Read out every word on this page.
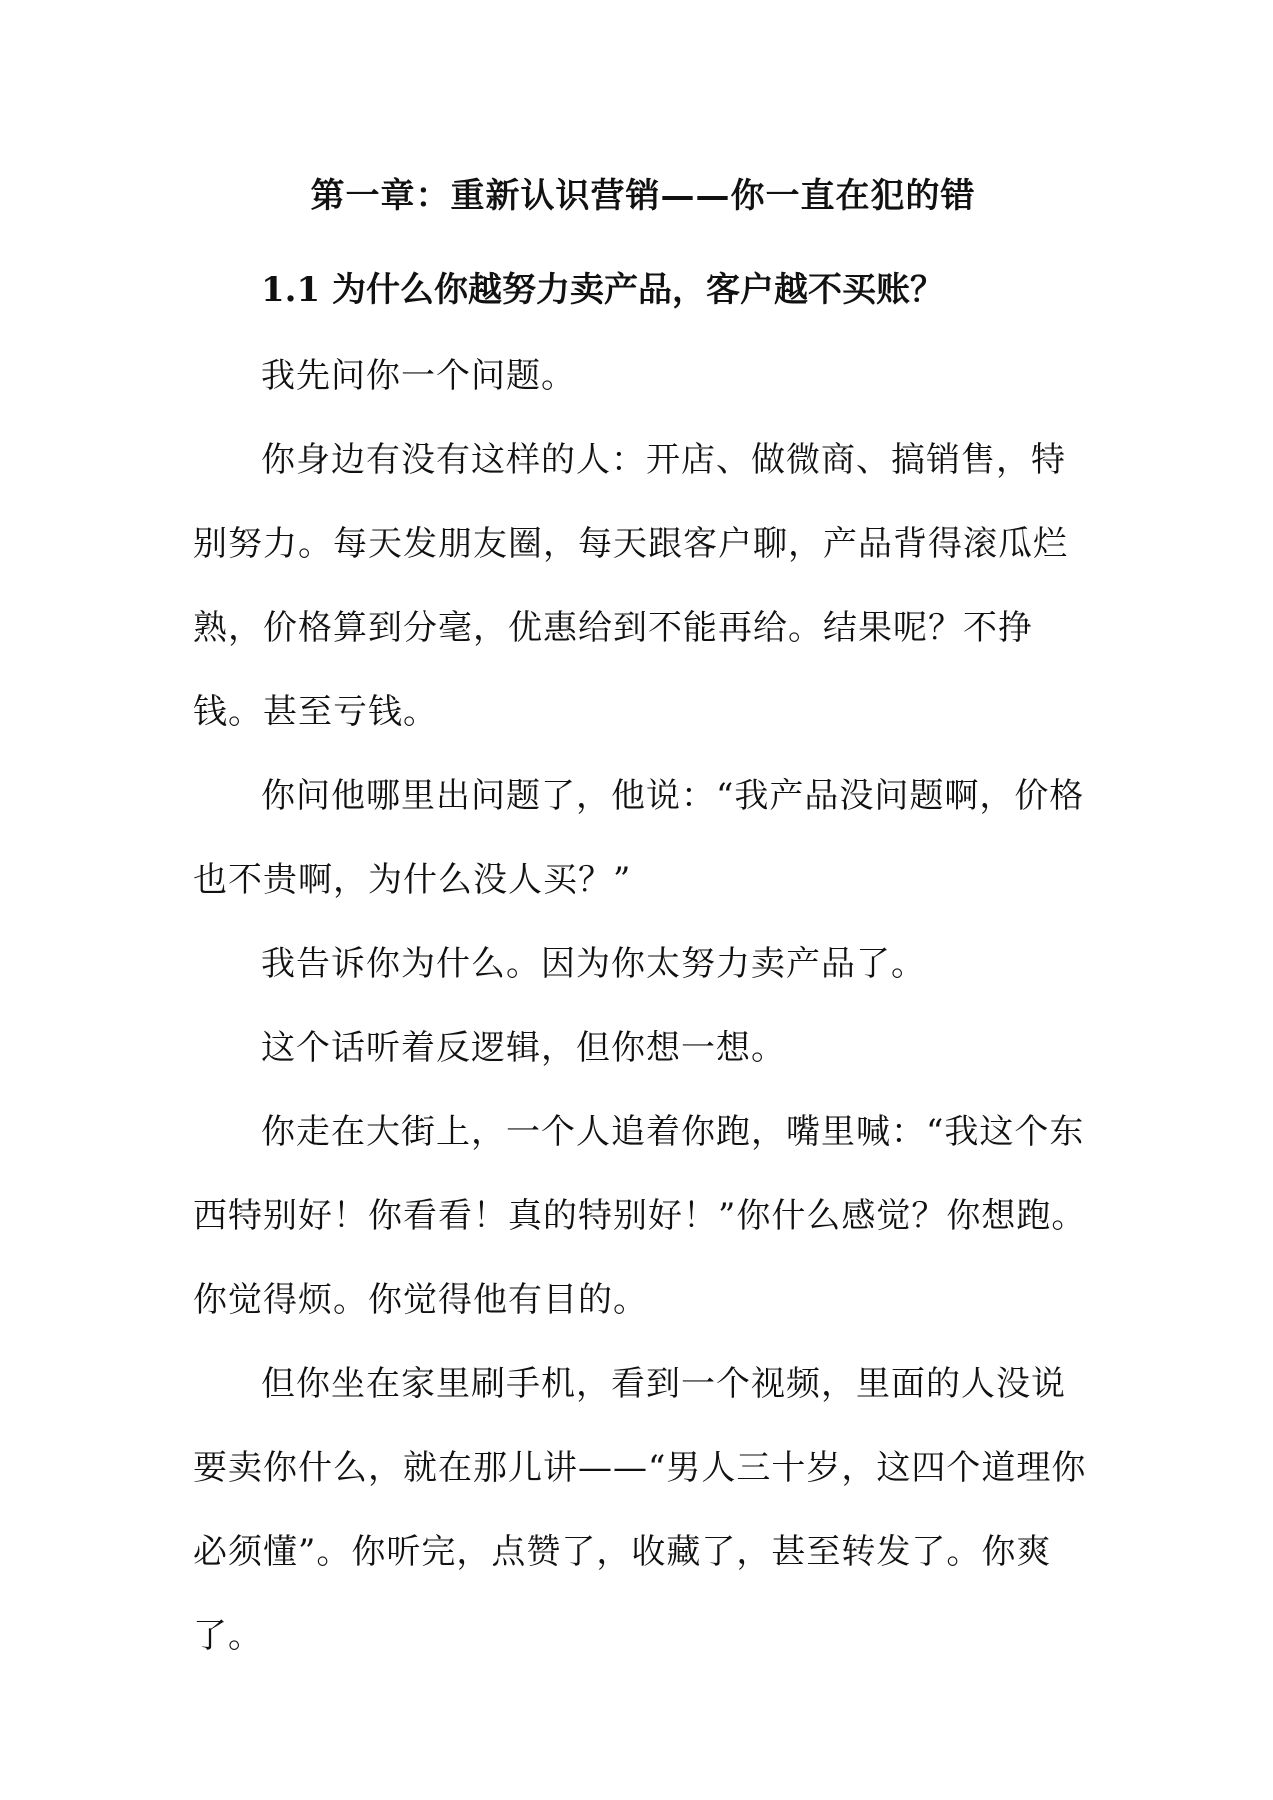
第一章：重新认识营销——你一直在犯的错
1.1 为什么你越努力卖产品，客户越不买账？

我先问你一个问题。

你身边有没有这样的人：开店、做微商、搞销售，特别努力。每天发朋友圈，每天跟客户聊，产品背得滚瓜烂熟，价格算到分毫，优惠给到不能再给。结果呢？不挣钱。甚至亏钱。

你问他哪里出问题了，他说：“我产品没问题啊，价格也不贵啊，为什么没人买？”

我告诉你为什么。因为你太努力卖产品了。

这个话听着反逻辑，但你想一想。

你走在大街上，一个人追着你跑，嘴里喊：“我这个东西特别好！你看看！真的特别好！”你什么感觉？你想跑。你觉得烦。你觉得他有目的。

但你坐在家里刷手机，看到一个视频，里面的人没说要卖你什么，就在那儿讲——“男人三十岁，这四个道理你必须懂”。你听完，点赞了，收藏了，甚至转发了。你爽了。
